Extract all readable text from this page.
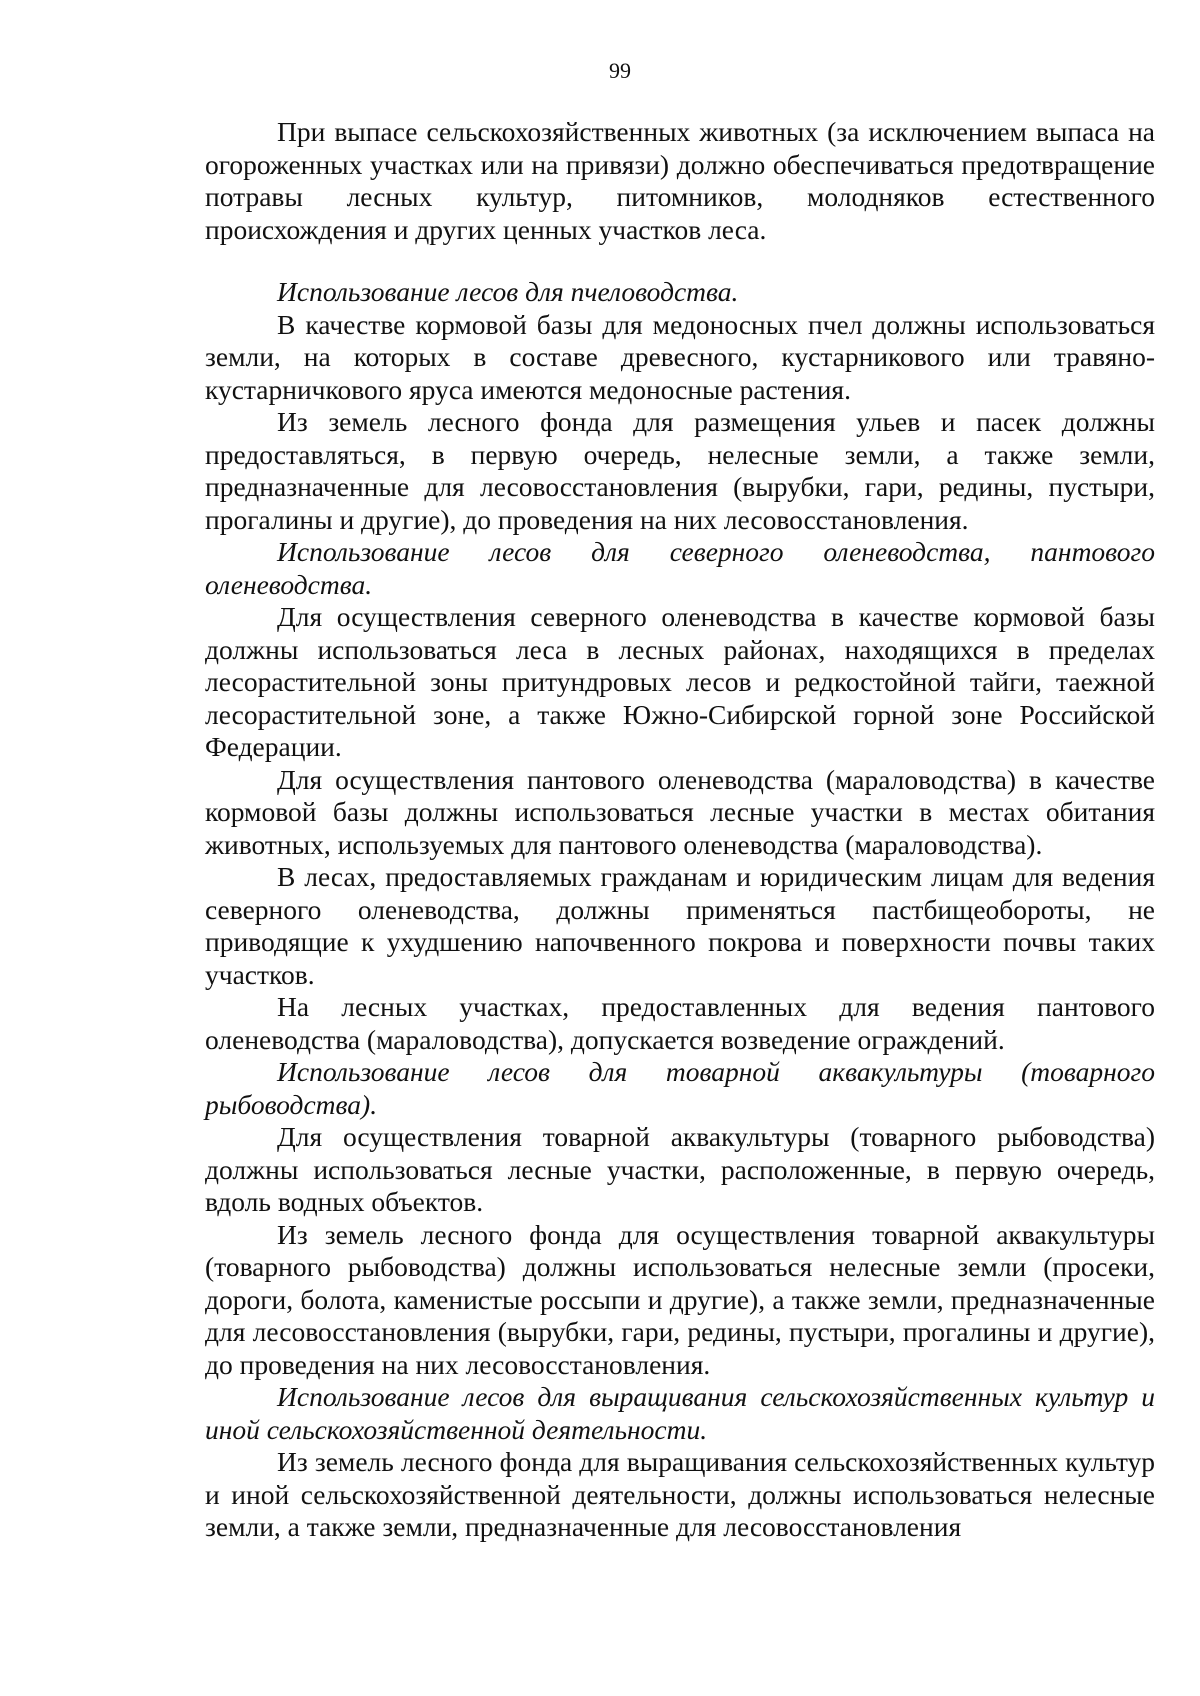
99

При выпасе сельскохозяйственных животных (за исключением выпаса на огороженных участках или на привязи) должно обеспечиваться предотвращение потравы лесных культур, питомников, молодняков естественного происхождения и других ценных участков леса.

Использование лесов для пчеловодства.

В качестве кормовой базы для медоносных пчел должны использоваться земли, на которых в составе древесного, кустарникового или травяно-кустарничкового яруса имеются медоносные растения.

Из земель лесного фонда для размещения ульев и пасек должны предоставляться, в первую очередь, нелесные земли, а также земли, предназначенные для лесовосстановления (вырубки, гари, редины, пустыри, прогалины и другие), до проведения на них лесовосстановления.

Использование лесов для северного оленеводства, пантового оленеводства.

Для осуществления северного оленеводства в качестве кормовой базы должны использоваться леса в лесных районах, находящихся в пределах лесорастительной зоны притундровых лесов и редкостойной тайги, таежной лесорастительной зоне, а также Южно-Сибирской горной зоне Российской Федерации.

Для осуществления пантового оленеводства (мараловодства) в качестве кормовой базы должны использоваться лесные участки в местах обитания животных, используемых для пантового оленеводства (мараловодства).

В лесах, предоставляемых гражданам и юридическим лицам для ведения северного оленеводства, должны применяться пастбищеобороты, не приводящие к ухудшению напочвенного покрова и поверхности почвы таких участков.

На лесных участках, предоставленных для ведения пантового оленеводства (мараловодства), допускается возведение ограждений.

Использование лесов для товарной аквакультуры (товарного рыбоводства).

Для осуществления товарной аквакультуры (товарного рыбоводства) должны использоваться лесные участки, расположенные, в первую очередь, вдоль водных объектов.

Из земель лесного фонда для осуществления товарной аквакультуры (товарного рыбоводства) должны использоваться нелесные земли (просеки, дороги, болота, каменистые россыпи и другие), а также земли, предназначенные для лесовосстановления (вырубки, гари, редины, пустыри, прогалины и другие), до проведения на них лесовосстановления.

Использование лесов для выращивания сельскохозяйственных культур и иной сельскохозяйственной деятельности.

Из земель лесного фонда для выращивания сельскохозяйственных культур и иной сельскохозяйственной деятельности, должны использоваться нелесные земли, а также земли, предназначенные для лесовосстановления
